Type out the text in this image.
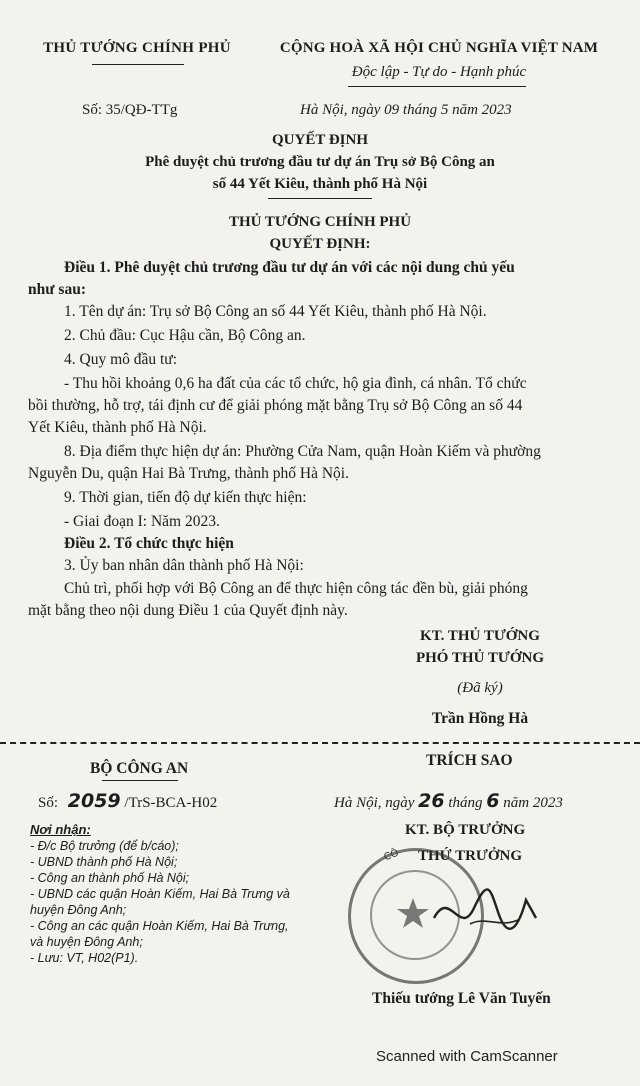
THỦ TƯỚNG CHÍNH PHỦ	CỘNG HOÀ XÃ HỘI CHỦ NGHĨA VIỆT NAM
Độc lập - Tự do - Hạnh phúc
Số: 35/QĐ-TTg	Hà Nội, ngày 09 tháng 5 năm 2023
QUYẾT ĐỊNH
Phê duyệt chủ trương đầu tư dự án Trụ sở Bộ Công an
số 44 Yết Kiêu, thành phố Hà Nội
THỦ TƯỚNG CHÍNH PHỦ
QUYẾT ĐỊNH:
Điều 1. Phê duyệt chủ trương đầu tư dự án với các nội dung chủ yếu
như sau:
1. Tên dự án: Trụ sở Bộ Công an số 44 Yết Kiêu, thành phố Hà Nội.
2. Chủ đầu: Cục Hậu cần, Bộ Công an.
4. Quy mô đầu tư:
- Thu hồi khoảng 0,6 ha đất của các tổ chức, hộ gia đình, cá nhân. Tổ chức
bồi thường, hỗ trợ, tái định cư để giải phóng mặt bằng Trụ sở Bộ Công an số 44
Yết Kiêu, thành phố Hà Nội.
8. Địa điểm thực hiện dự án: Phường Cửa Nam, quận Hoàn Kiếm và phường
Nguyễn Du, quận Hai Bà Trưng, thành phố Hà Nội.
9. Thời gian, tiến độ dự kiến thực hiện:
- Giai đoạn I: Năm 2023.
Điều 2. Tổ chức thực hiện
3. Ủy ban nhân dân thành phố Hà Nội:
Chủ trì, phối hợp với Bộ Công an để thực hiện công tác đền bù, giải phóng
mặt bằng theo nội dung Điều 1 của Quyết định này.
KT. THỦ TƯỚNG
PHÓ THỦ TƯỚNG
(Đã ký)
Trần Hồng Hà
BỘ CÔNG AN	TRÍCH SAO
Số: 2059 /TrS-BCA-H02	Hà Nội, ngày 26 tháng 6 năm 2023
KT. BỘ TRƯỞNG
THỨ TRƯỞNG
CÔ
Thiếu tướng Lê Văn Tuyến
Nơi nhận:
- Đ/c Bộ trưởng (để b/cáo);
- UBND thành phố Hà Nội;
- Công an thành phố Hà Nội;
- UBND các quận Hoàn Kiếm, Hai Bà Trưng và
huyện Đông Anh;
- Công an các quận Hoàn Kiếm, Hai Bà Trưng,
và huyện Đông Anh;
- Lưu: VT, H02(P1).
Scanned with CamScanner
